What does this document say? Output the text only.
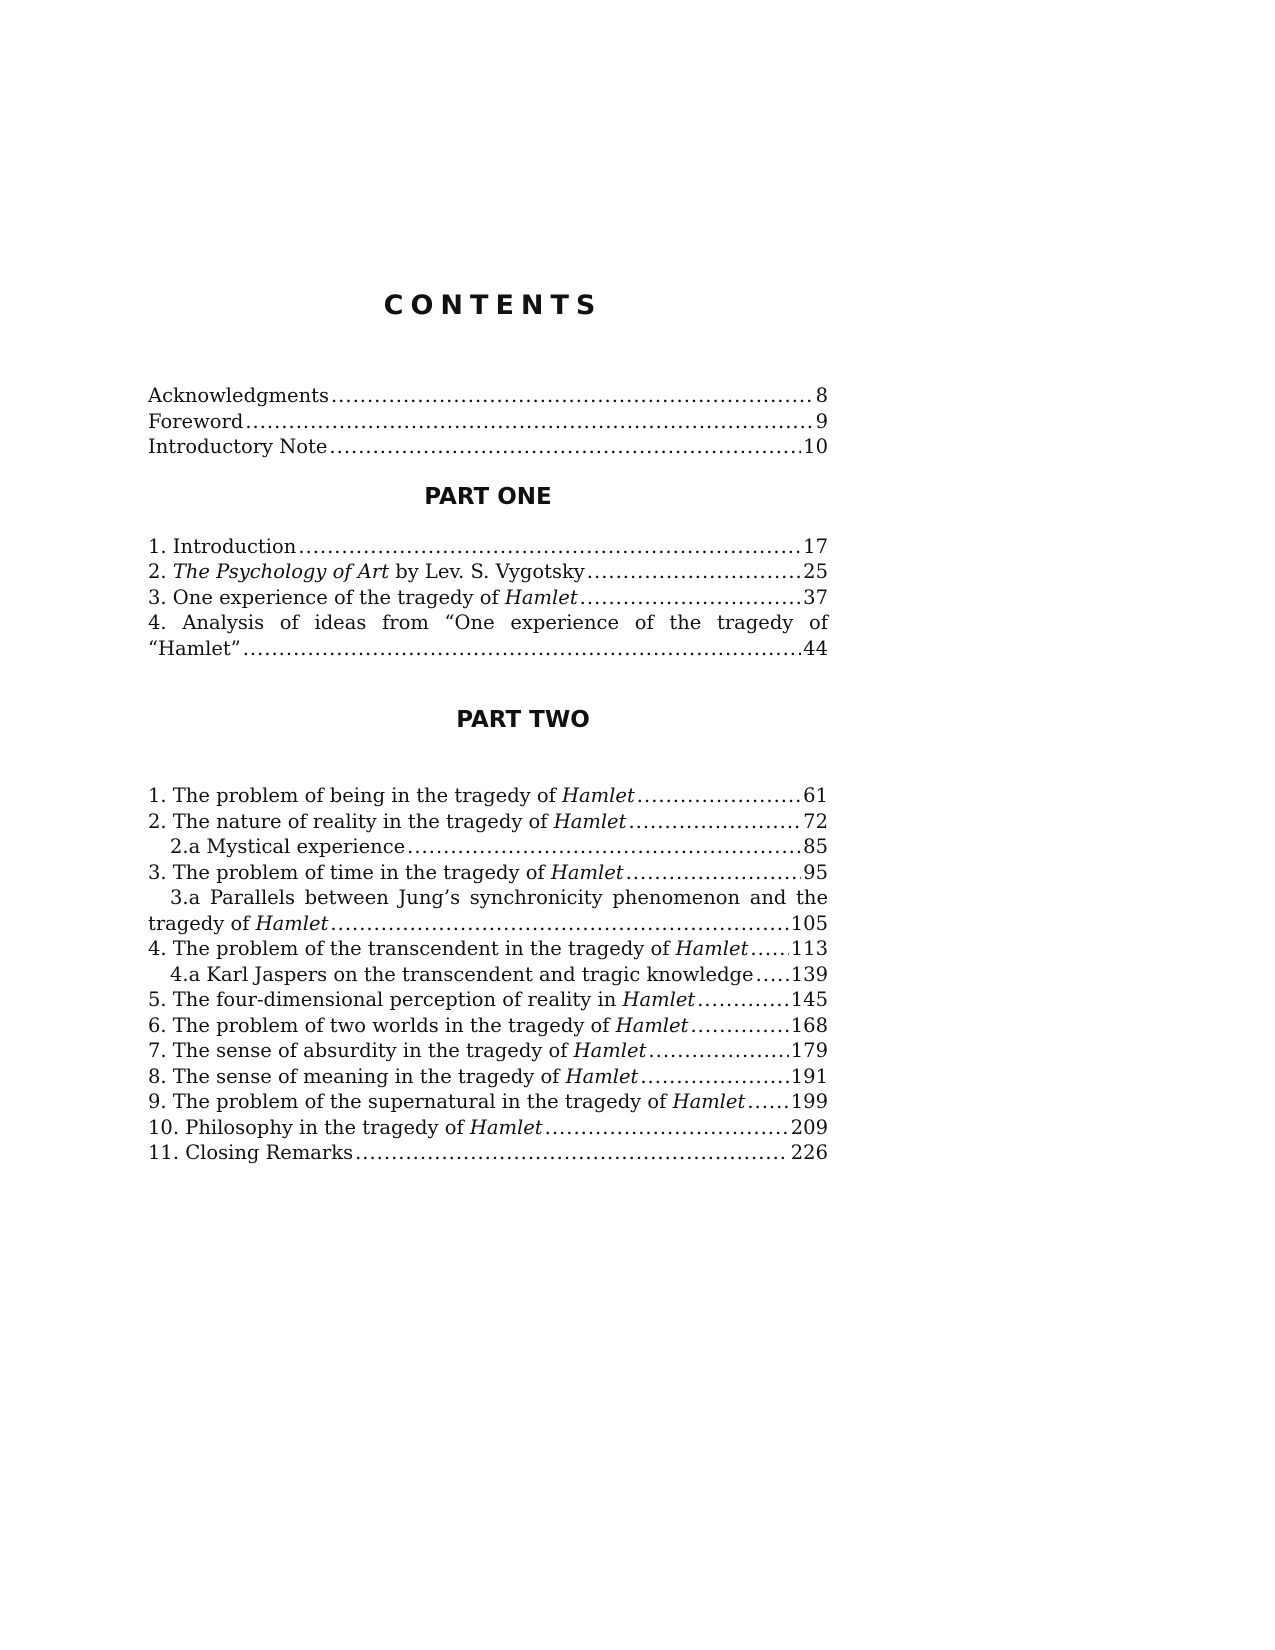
CONTENTS
Acknowledgments .....	8
Foreword .....	9
Introductory Note .....	10
PART ONE
1. Introduction .....	17
2. The Psychology of Art by Lev. S. Vygotsky .....	25
3. One experience of the tragedy of Hamlet .....	37
4. Analysis of ideas from “One experience of the tragedy of
“Hamlet” .....	44
PART TWO
1. The problem of being in the tragedy of Hamlet .....	61
2. The nature of reality in the tragedy of Hamlet .....	72
2.a Mystical experience .....	85
3. The problem of time in the tragedy of Hamlet .....	95
3.a Parallels between Jung’s synchronicity phenomenon and the
tragedy of Hamlet .....	105
4. The problem of the transcendent in the tragedy of Hamlet ..... 113
4.a Karl Jaspers on the transcendent and tragic knowledge ..... 139
5. The four-dimensional perception of reality in Hamlet .....	145
6. The problem of two worlds in the tragedy of Hamlet .....	168
7. The sense of absurdity in the tragedy of Hamlet .....	179
8. The sense of meaning in the tragedy of Hamlet .....	191
9. The problem of the supernatural in the tragedy of Hamlet ..... 199
10. Philosophy in the tragedy of Hamlet .....	209
11. Closing Remarks .....	226
